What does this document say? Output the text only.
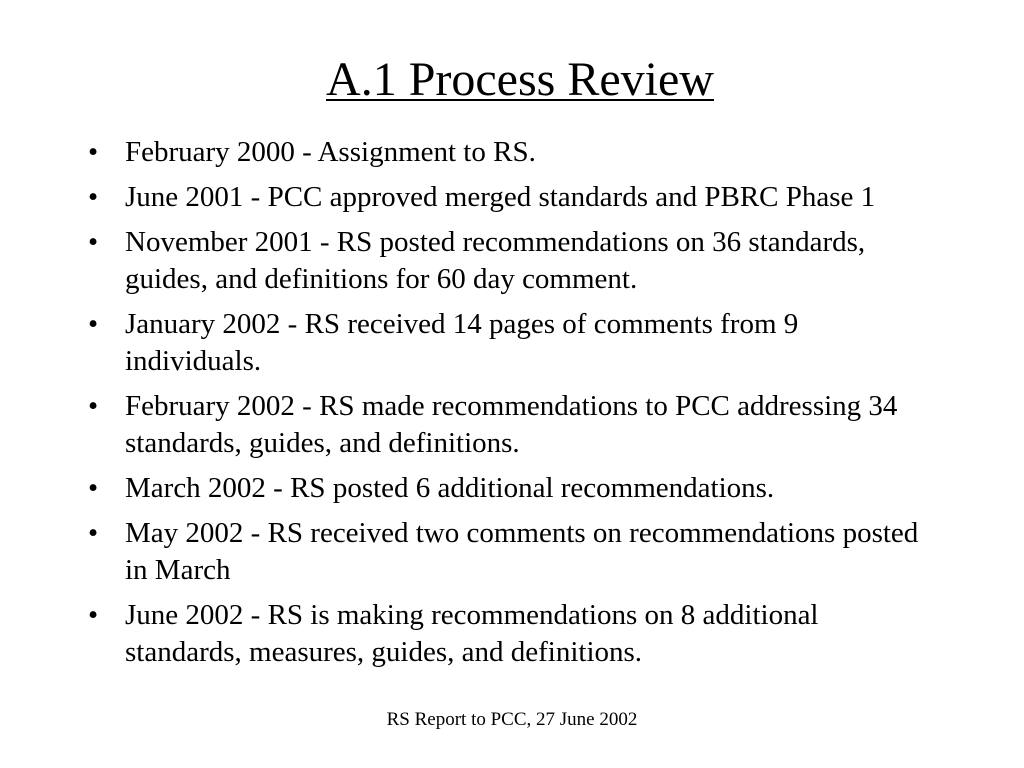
A.1 Process Review
• February 2000 - Assignment to RS.
• June 2001 - PCC approved merged standards and PBRC Phase 1
• November 2001 - RS posted recommendations on 36 standards, guides, and definitions for 60 day comment.
• January 2002 - RS received 14 pages of comments from 9 individuals.
• February 2002 - RS made recommendations to PCC addressing 34 standards, guides, and definitions.
• March 2002 - RS posted 6 additional recommendations.
• May 2002 - RS received two comments on recommendations posted in March
• June 2002 - RS is making recommendations on 8 additional standards, measures, guides, and definitions.
RS Report to PCC, 27 June 2002
